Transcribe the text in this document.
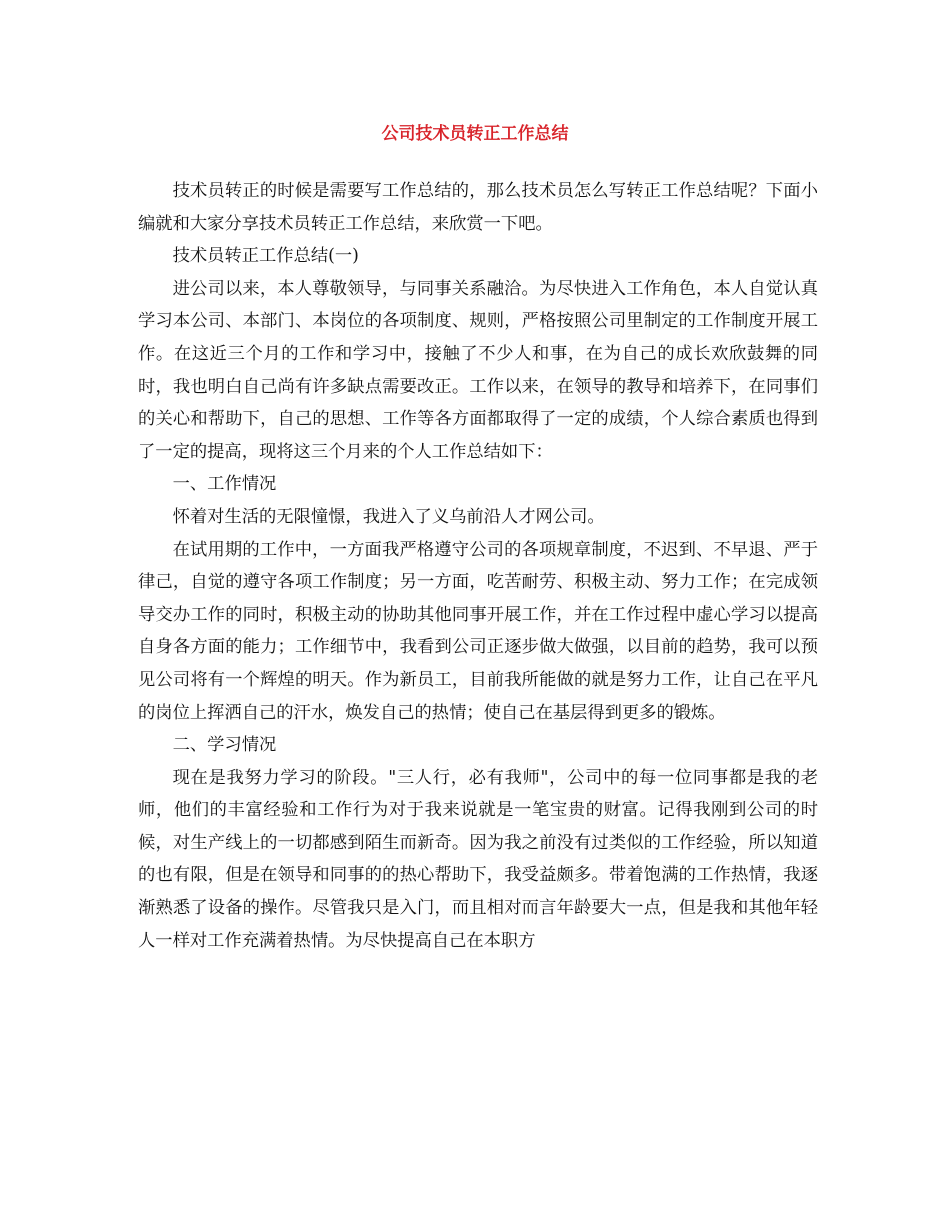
公司技术员转正工作总结

技术员转正的时候是需要写工作总结的，那么技术员怎么写转正工作总结呢？下面小编就和大家分享技术员转正工作总结，来欣赏一下吧。

技术员转正工作总结(一)

进公司以来，本人尊敬领导，与同事关系融洽。为尽快进入工作角色，本人自觉认真学习本公司、本部门、本岗位的各项制度、规则，严格按照公司里制定的工作制度开展工作。在这近三个月的工作和学习中，接触了不少人和事，在为自己的成长欢欣鼓舞的同时，我也明白自己尚有许多缺点需要改正。工作以来，在领导的教导和培养下，在同事们的关心和帮助下，自己的思想、工作等各方面都取得了一定的成绩，个人综合素质也得到了一定的提高，现将这三个月来的个人工作总结如下：

一、工作情况

怀着对生活的无限憧憬，我进入了义乌前沿人才网公司。

在试用期的工作中，一方面我严格遵守公司的各项规章制度，不迟到、不早退、严于律己，自觉的遵守各项工作制度；另一方面，吃苦耐劳、积极主动、努力工作；在完成领导交办工作的同时，积极主动的协助其他同事开展工作，并在工作过程中虚心学习以提高自身各方面的能力；工作细节中，我看到公司正逐步做大做强，以目前的趋势，我可以预见公司将有一个辉煌的明天。作为新员工，目前我所能做的就是努力工作，让自己在平凡的岗位上挥洒自己的汗水，焕发自己的热情；使自己在基层得到更多的锻炼。

二、学习情况

现在是我努力学习的阶段。"三人行，必有我师"，公司中的每一位同事都是我的老师，他们的丰富经验和工作行为对于我来说就是一笔宝贵的财富。记得我刚到公司的时候，对生产线上的一切都感到陌生而新奇。因为我之前没有过类似的工作经验，所以知道的也有限，但是在领导和同事的的热心帮助下，我受益颇多。带着饱满的工作热情，我逐渐熟悉了设备的操作。尽管我只是入门，而且相对而言年龄要大一点，但是我和其他年轻人一样对工作充满着热情。为尽快提高自己在本职方
